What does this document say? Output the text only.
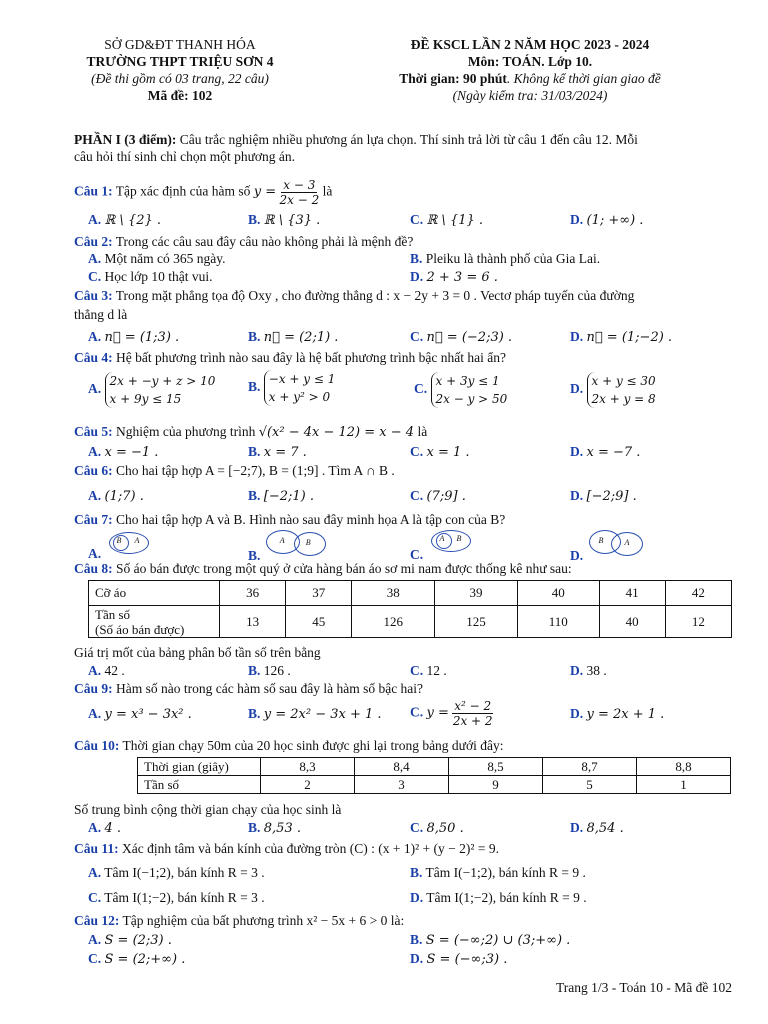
SỞ GD&ĐT THANH HÓA
TRƯỜNG THPT TRIỆU SƠN 4
(Đề thi gồm có 03 trang, 22 câu)
Mã đề: 102
ĐỀ KSCL LẦN 2 NĂM HỌC 2023 - 2024
Môn: TOÁN. Lớp 10.
Thời gian: 90 phút. Không kể thời gian giao đề
(Ngày kiểm tra: 31/03/2024)
PHẦN I (3 điểm): Câu trắc nghiệm nhiều phương án lựa chọn. Thí sinh trả lời từ câu 1 đến câu 12. Mỗi
câu hỏi thí sinh chỉ chọn một phương án.
Câu 1: Tập xác định của hàm số $y = \frac{x - 3}{2x - 2}$ là
A. ℝ \ {2} .	B. ℝ \ {3} .	C. ℝ \ {1} .	D. (1; +∞) .
Câu 2: Trong các câu sau đây câu nào không phải là mệnh đề?
A. Một năm có 365 ngày.	B. Pleiku là thành phố của Gia Lai.
C. Học lớp 10 thật vui.	D. 2 + 3 = 6 .
Câu 3: Trong mặt phẳng tọa độ Oxy , cho đường thẳng d : x − 2y + 3 = 0 . Vectơ pháp tuyến của đường
thẳng d là
A. n⃗ = (1;3) .	B. n⃗ = (2;1) .	C. n⃗ = (−2;3) .	D. n⃗ = (1;−2) .
Câu 4: Hệ bất phương trình nào sau đây là hệ bất phương trình bậc nhất hai ẩn?
A. 2x + −y + z > 10
x + 9y ≤ 15
B. −x + y ≤ 1
x + y² > 0
C. x + 3y ≤ 1
2x − y > 50
D. x + y ≤ 30
2x + y = 8
Câu 5: Nghiệm của phương trình √(x² − 4x − 12) = x − 4 là
A. x = −1 .	B. x = 7 .	C. x = 1 .	D. x = −7 .
Câu 6: Cho hai tập hợp A = [−2;7), B = (1;9] . Tìm A ∩ B .
A. (1;7) .	B. [−2;1) .	C. (7;9] .	D. [−2;9] .
Câu 7: Cho hai tập hợp A và B. Hình nào sau đây minh họa A là tập con của B?
A.
B A
B.
A	B
C.
A B
D.
B	A
Câu 8: Số áo bán được trong một quý ở cửa hàng bán áo sơ mi nam được thống kê như sau:
Cỡ áo	36	37	38	39	40	41	42

Tần số
(Số áo bán được)	13	45	126	125	110	40	12
Giá trị mốt của bảng phân bố tần số trên bằng
A. 42 .	B. 126 .	C. 12 .	D. 38 .
Câu 9: Hàm số nào trong các hàm số sau đây là hàm số bậc hai?
A. y = x³ − 3x² .	B. y = 2x² − 3x + 1 . C. $y = \frac{\text{x² − 2}}{2x + 2}$	D. y = 2x + 1 .
Câu 10: Thời gian chạy 50m của 20 học sinh được ghi lại trong bảng dưới đây:
Thời gian (giây)	8,3	8,4	8,5	8,7	8,8
Tần số	2	3	9	5	1
Số trung bình cộng thời gian chạy của học sinh là
A. 4 .	B. 8,53 .	C. 8,50 .	D. 8,54 .
Câu 11: Xác định tâm và bán kính của đường tròn (C) : (x + 1)² + (y − 2)² = 9.
A. Tâm I(−1;2), bán kính R = 3 .	B. Tâm I(−1;2), bán kính R = 9 .
C. Tâm I(1;−2), bán kính R = 3 .	D. Tâm I(1;−2), bán kính R = 9 .
Câu 12: Tập nghiệm của bất phương trình x² − 5x + 6 > 0 là:
A. S = (2;3) .	B. S = (−∞;2) ∪ (3;+∞) .
C. S = (2;+∞) .	D. S = (−∞;3) .
Trang 1/3 - Toán 10 - Mã đề 102
